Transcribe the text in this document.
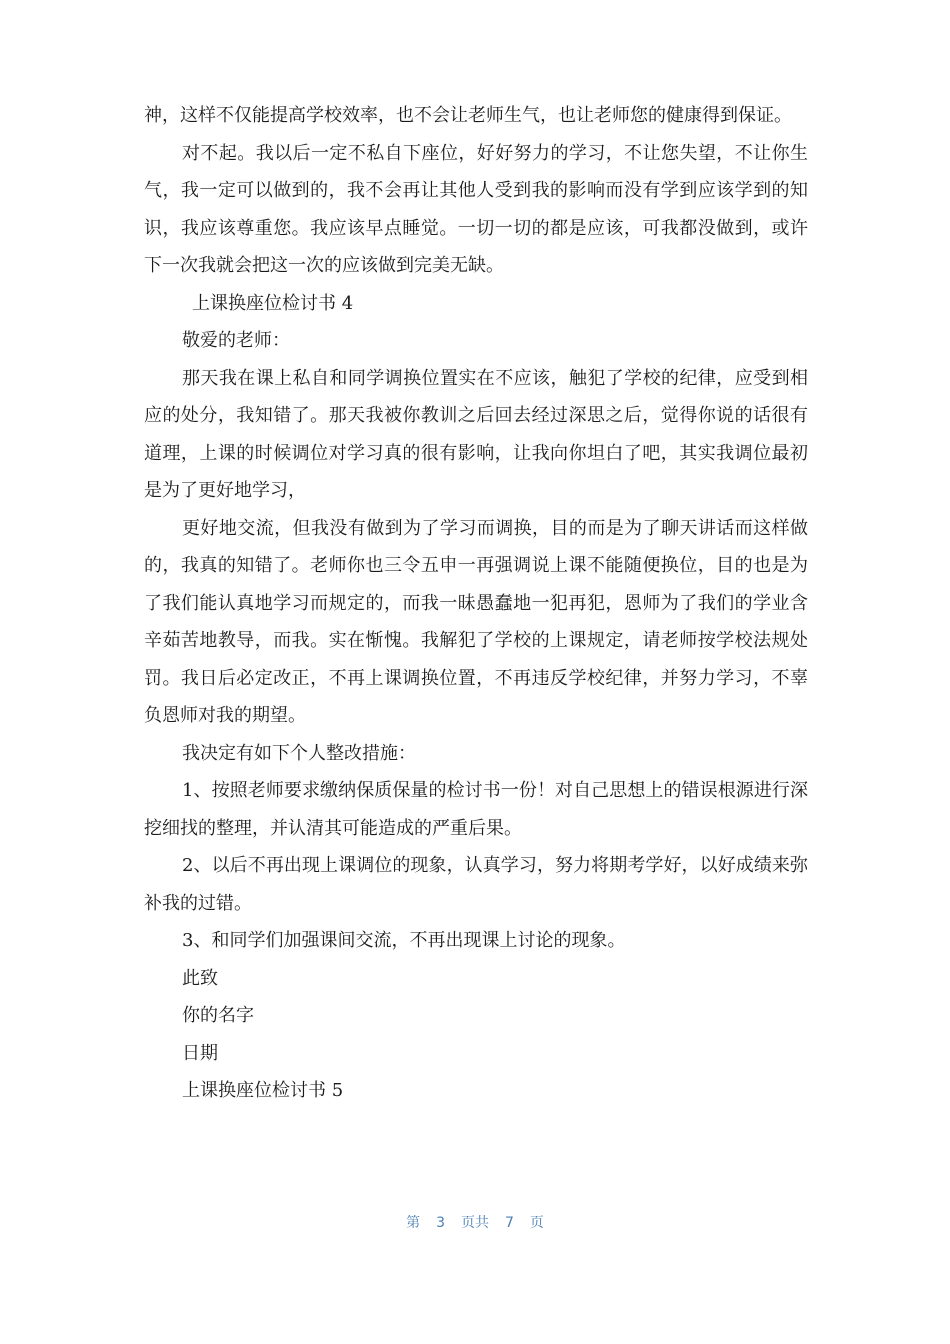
神，这样不仅能提高学校效率，也不会让老师生气，也让老师您的健康得到保证。

对不起。我以后一定不私自下座位，好好努力的学习，不让您失望，不让你生气，我一定可以做到的，我不会再让其他人受到我的影响而没有学到应该学到的知识，我应该尊重您。我应该早点睡觉。一切一切的都是应该，可我都没做到，或许下一次我就会把这一次的应该做到完美无缺。

上课换座位检讨书 4

敬爱的老师：

那天我在课上私自和同学调换位置实在不应该，触犯了学校的纪律，应受到相应的处分，我知错了。那天我被你教训之后回去经过深思之后，觉得你说的话很有道理，上课的时候调位对学习真的很有影响，让我向你坦白了吧，其实我调位最初是为了更好地学习，

更好地交流，但我没有做到为了学习而调换，目的而是为了聊天讲话而这样做的，我真的知错了。老师你也三令五申一再强调说上课不能随便换位，目的也是为了我们能认真地学习而规定的，而我一昧愚蠢地一犯再犯，恩师为了我们的学业含辛茹苦地教导，而我。实在惭愧。我解犯了学校的上课规定，请老师按学校法规处罚。我日后必定改正，不再上课调换位置，不再违反学校纪律，并努力学习，不辜负恩师对我的期望。

我决定有如下个人整改措施：

1、按照老师要求缴纳保质保量的检讨书一份！对自己思想上的错误根源进行深挖细找的整理，并认清其可能造成的严重后果。

2、以后不再出现上课调位的现象，认真学习，努力将期考学好，以好成绩来弥补我的过错。

3、和同学们加强课间交流，不再出现课上讨论的现象。

此致

你的名字

日期

上课换座位检讨书 5

第 3 页共 7 页
